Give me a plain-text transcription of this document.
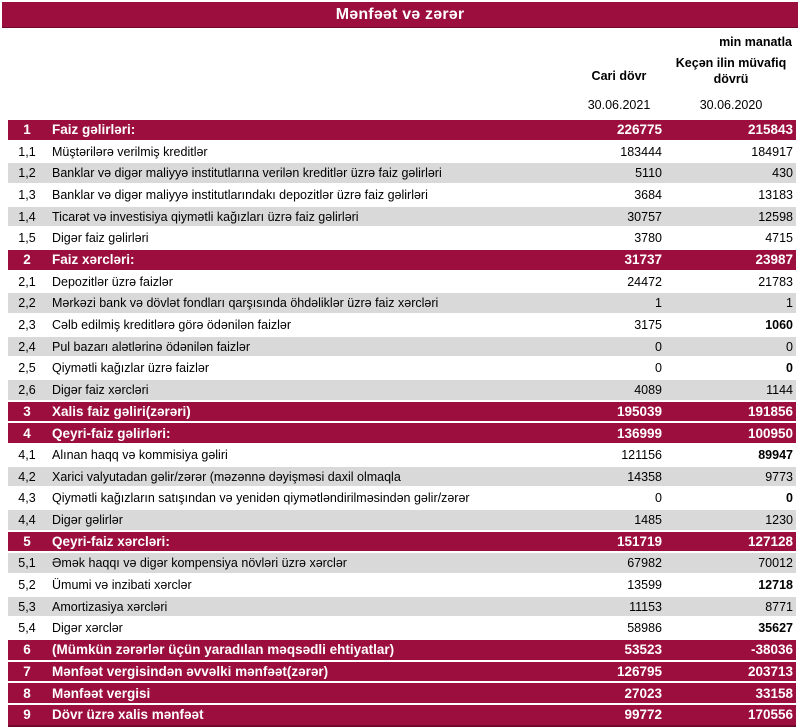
Mənfəət və zərər
min manatla
Cari dövr
Keçən ilin müvafiq dövrü
30.06.2021	30.06.2020
1	Faiz gəlirləri:	226775	215843
1,1	Müştərilərə verilmiş kreditlər	183444	184917
1,2	Banklar və digər maliyyə institutlarına verilən kreditlər üzrə faiz gəlirləri	5110	430
1,3	Banklar və digər maliyyə institutlarındakı depozitlər üzrə faiz gəlirləri	3684	13183
1,4	Ticarət və investisiya qiymətli kağızları üzrə faiz gəlirləri	30757	12598
1,5	Digər faiz gəlirləri	3780	4715
2	Faiz xərcləri:	31737	23987
2,1	Depozitlər üzrə faizlər	24472	21783
2,2	Mərkəzi bank və dövlət fondları qarşısında öhdəliklər üzrə faiz xərcləri	1	1
2,3	Cəlb edilmiş kreditlərə görə ödənilən faizlər	3175	1060
2,4	Pul bazarı alətlərinə ödənilən faizlər	0	0
2,5	Qiymətli kağızlar üzrə faizlər	0	0
2,6	Digər faiz xərcləri	4089	1144
3	Xalis faiz gəliri(zərəri)	195039	191856
4	Qeyri-faiz gəlirləri:	136999	100950
4,1	Alınan haqq və kommisiya gəliri	121156	89947
4,2	Xarici valyutadan gəlir/zərər (məzənnə dəyişməsi daxil olmaqla	14358	9773
4,3	Qiymətli kağızların satışından və yenidən qiymətləndirilməsindən gəlir/zərər	0	0
4,4	Digər gəlirlər	1485	1230
5	Qeyri-faiz xərcləri:	151719	127128
5,1	Əmək haqqı və digər kompensiya növləri üzrə xərclər	67982	70012
5,2	Ümumi və inzibati xərclər	13599	12718
5,3	Amortizasiya xərcləri	11153	8771
5,4	Digər xərclər	58986	35627
6	(Mümkün zərərlər üçün yaradılan məqsədli ehtiyatlar)	53523	-38036
7	Mənfəət vergisindən əvvəlki mənfəət(zərər)	126795	203713
8	Mənfəət vergisi	27023	33158
9	Dövr üzrə xalis mənfəət	99772	170556
